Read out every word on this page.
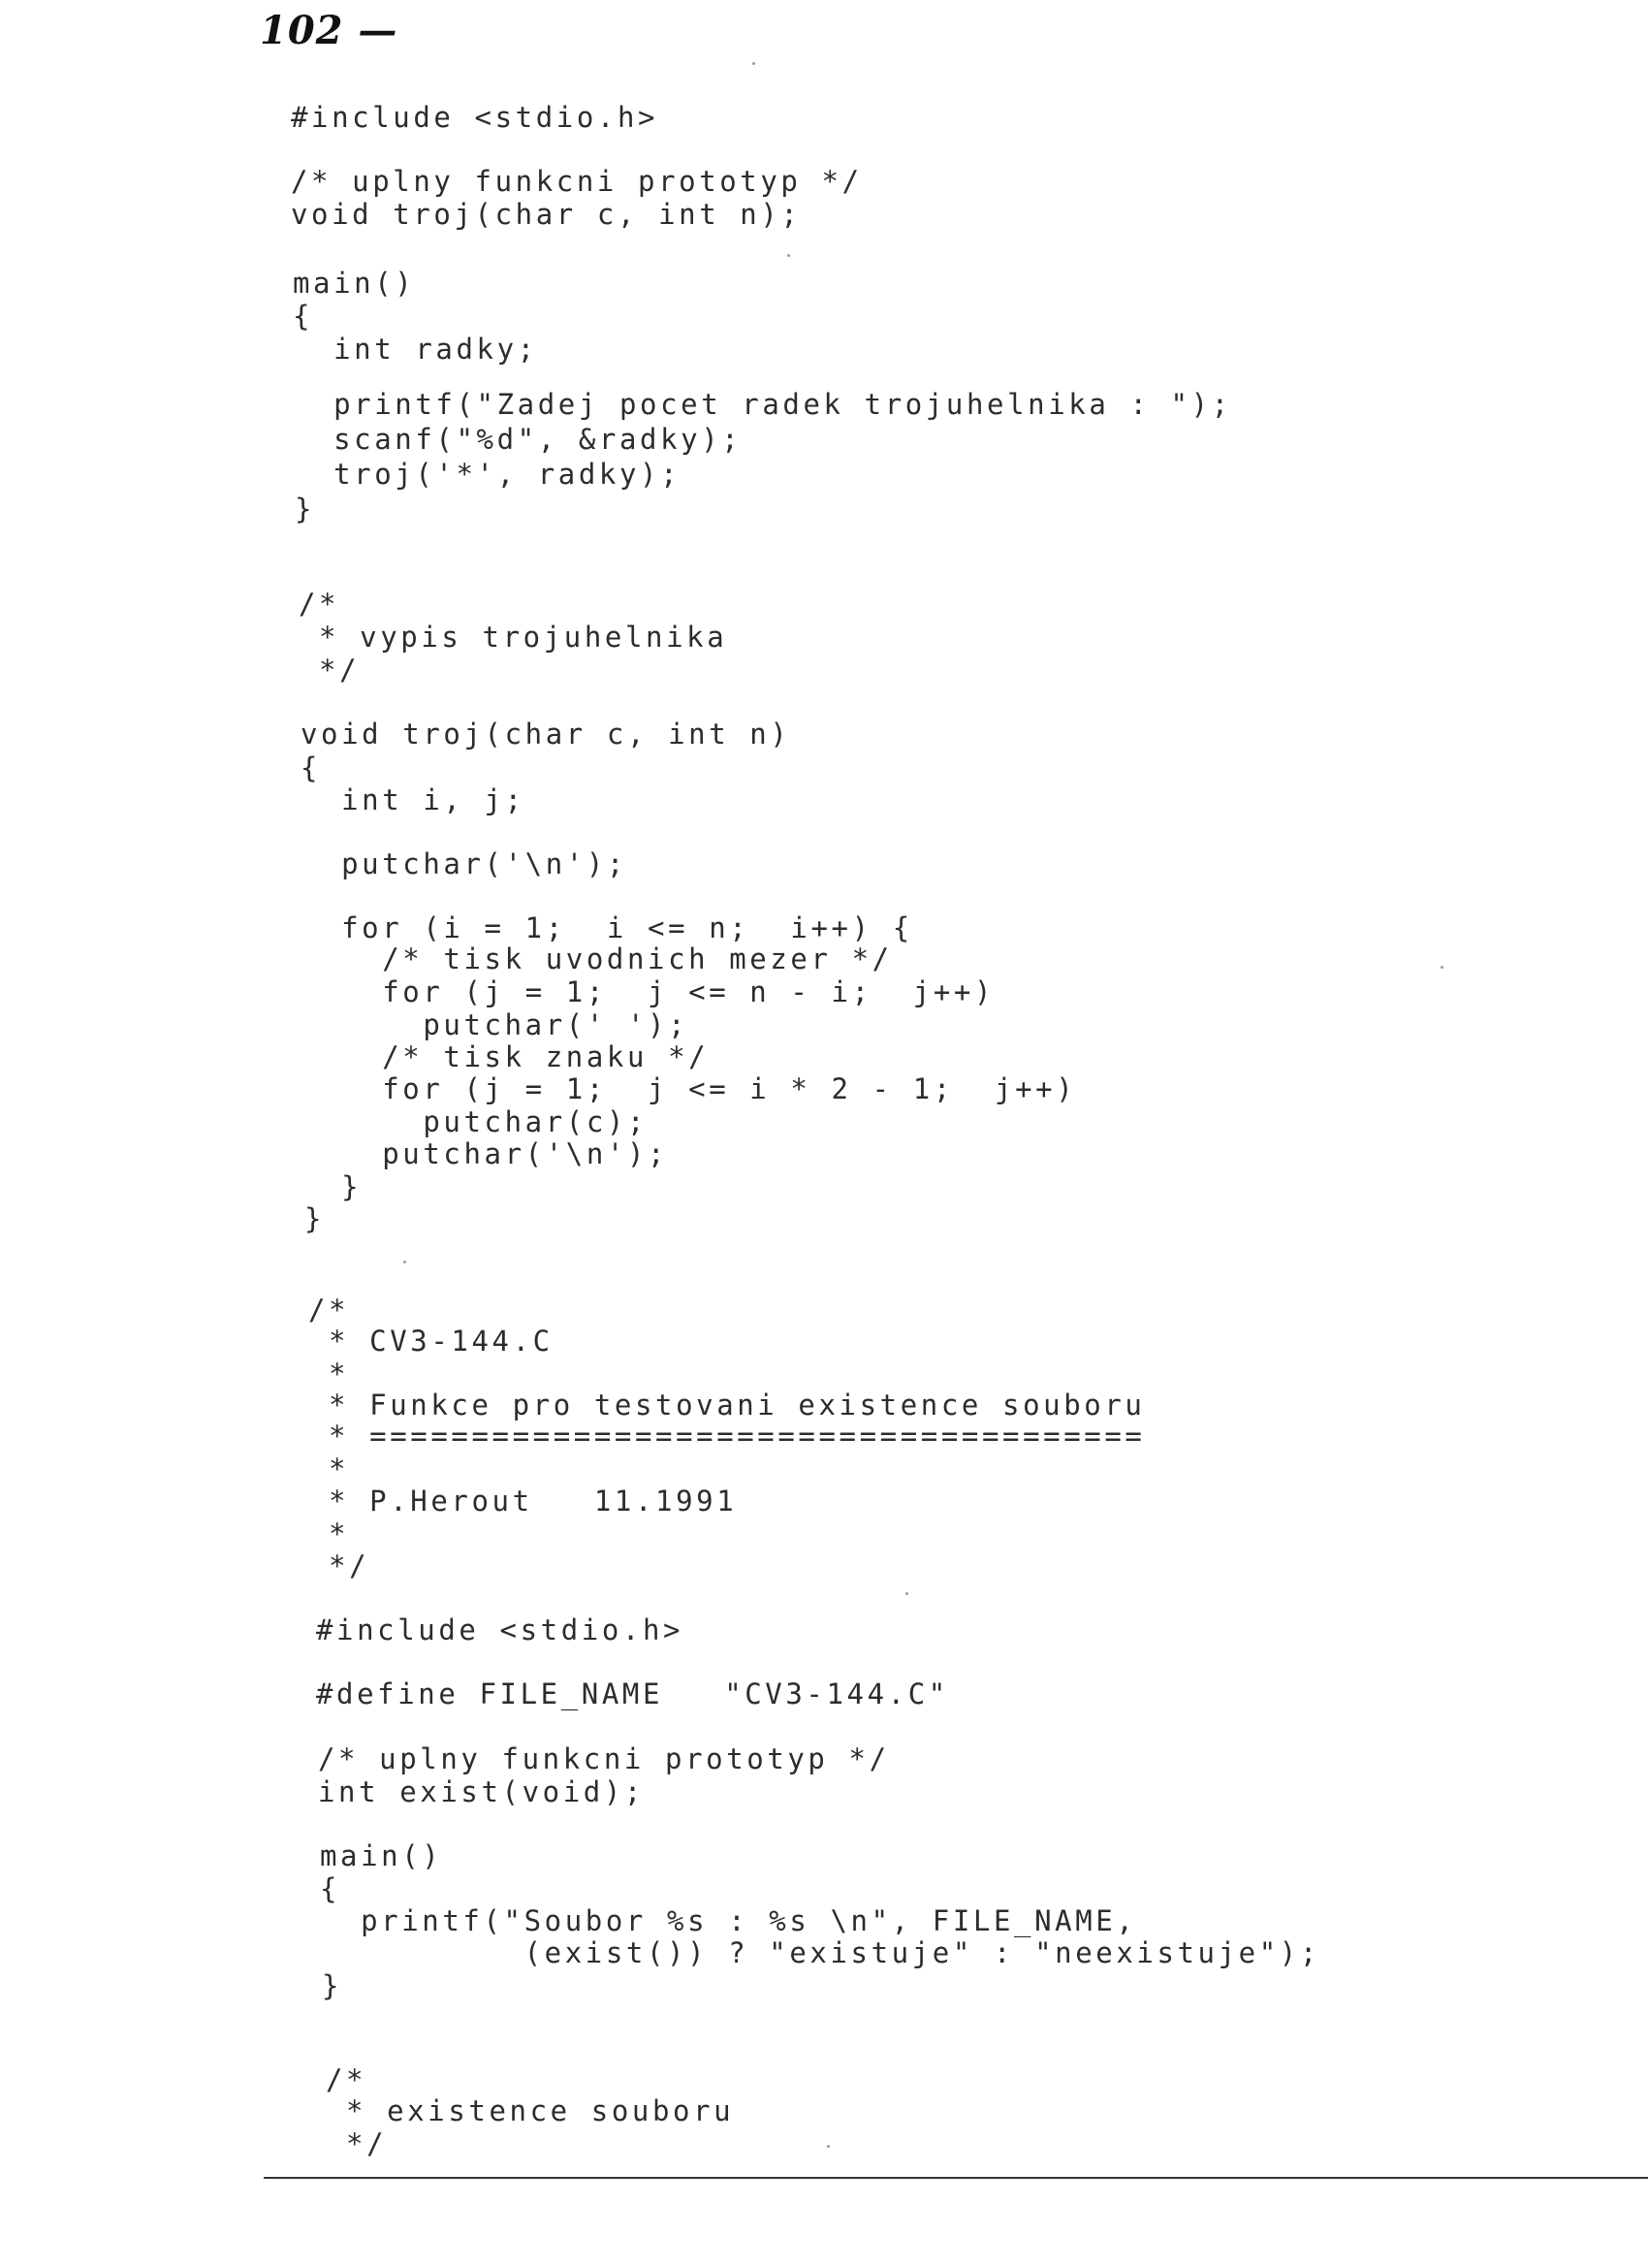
102 —
#include <stdio.h>
/* uplny funkcni prototyp */
void troj(char c, int n);
main()
{
int radky;
printf("Zadej pocet radek trojuhelnika : ");
scanf("%d", &radky);
troj('*', radky);
}
/*
* vypis trojuhelnika
*/
void troj(char c, int n)
{
int i, j;
putchar('\n');
for (i = 1;  i <= n;  i++) {
/* tisk uvodnich mezer */
for (j = 1;  j <= n - i;  j++)
putchar(' ');
/* tisk znaku */
for (j = 1;  j <= i * 2 - 1;  j++)
putchar(c);
putchar('\n');
}
}
/*
* CV3-144.C
*
* Funkce pro testovani existence souboru
* ======================================
*
* P.Herout   11.1991
*
*/
#include <stdio.h>
#define FILE_NAME   "CV3-144.C"
/* uplny funkcni prototyp */
int exist(void);
main()
{
printf("Soubor %s : %s \n", FILE_NAME,
(exist()) ? "existuje" : "neexistuje");
}
/*
* existence souboru
*/
